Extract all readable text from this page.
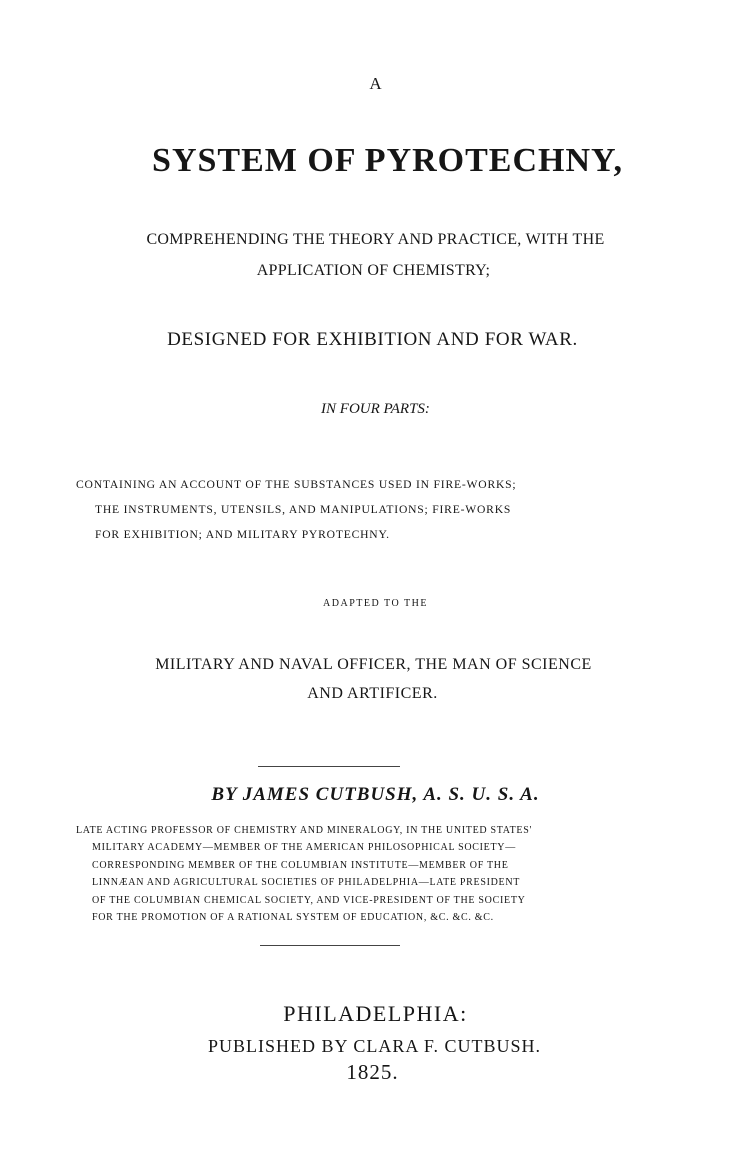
A
SYSTEM OF PYROTECHNY,
COMPREHENDING THE THEORY AND PRACTICE, WITH THE
APPLICATION OF CHEMISTRY;
DESIGNED FOR EXHIBITION AND FOR WAR.
IN FOUR PARTS:
CONTAINING AN ACCOUNT OF THE SUBSTANCES USED IN FIRE-WORKS;
THE INSTRUMENTS, UTENSILS, AND MANIPULATIONS; FIRE-WORKS
FOR EXHIBITION; AND MILITARY PYROTECHNY.
ADAPTED TO THE
MILITARY AND NAVAL OFFICER, THE MAN OF SCIENCE
AND ARTIFICER.
BY JAMES CUTBUSH, A. S. U. S. A.
LATE ACTING PROFESSOR OF CHEMISTRY AND MINERALOGY, IN THE UNITED STATES'
MILITARY ACADEMY—MEMBER OF THE AMERICAN PHILOSOPHICAL SOCIETY—
CORRESPONDING MEMBER OF THE COLUMBIAN INSTITUTE—MEMBER OF THE
LINNÆAN AND AGRICULTURAL SOCIETIES OF PHILADELPHIA—LATE PRESIDENT
OF THE COLUMBIAN CHEMICAL SOCIETY, AND VICE-PRESIDENT OF THE SOCIETY
FOR THE PROMOTION OF A RATIONAL SYSTEM OF EDUCATION, &C. &C. &C.
PHILADELPHIA:
PUBLISHED BY CLARA F. CUTBUSH.
1825.
